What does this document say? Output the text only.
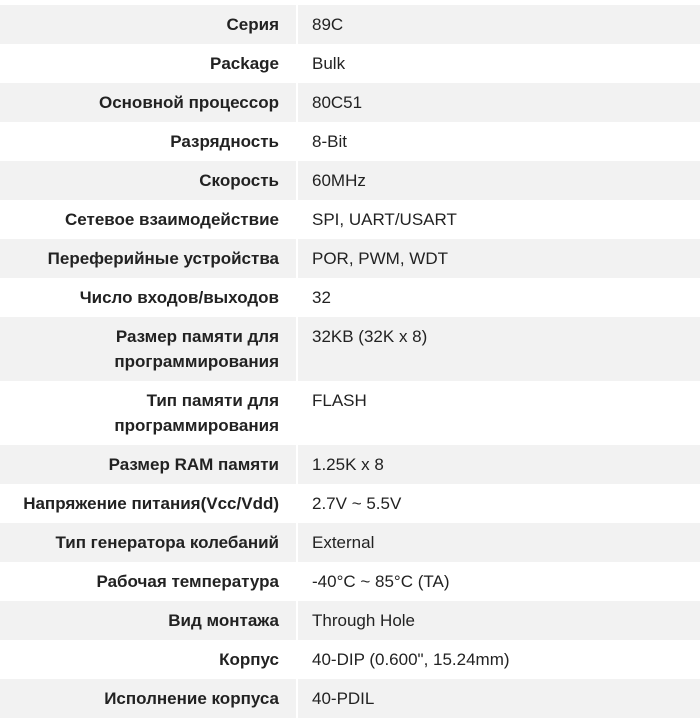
Серия	89C
Package	Bulk
Основной процессор	80C51
Разрядность	8-Bit
Скорость	60MHz
Сетевое взаимодействие	SPI, UART/USART
Переферийные устройства	POR, PWM, WDT
Число входов/выходов	32
Размер памяти для программирования	32KB (32K x 8)
Тип памяти для программирования	FLASH
Размер RAM памяти	1.25K x 8
Напряжение питания(Vcc/Vdd)	2.7V ~ 5.5V
Тип генератора колебаний	External
Рабочая температура	-40°C ~ 85°C (TA)
Вид монтажа	Through Hole
Корпус	40-DIP (0.600", 15.24mm)
Исполнение корпуса	40-PDIL
